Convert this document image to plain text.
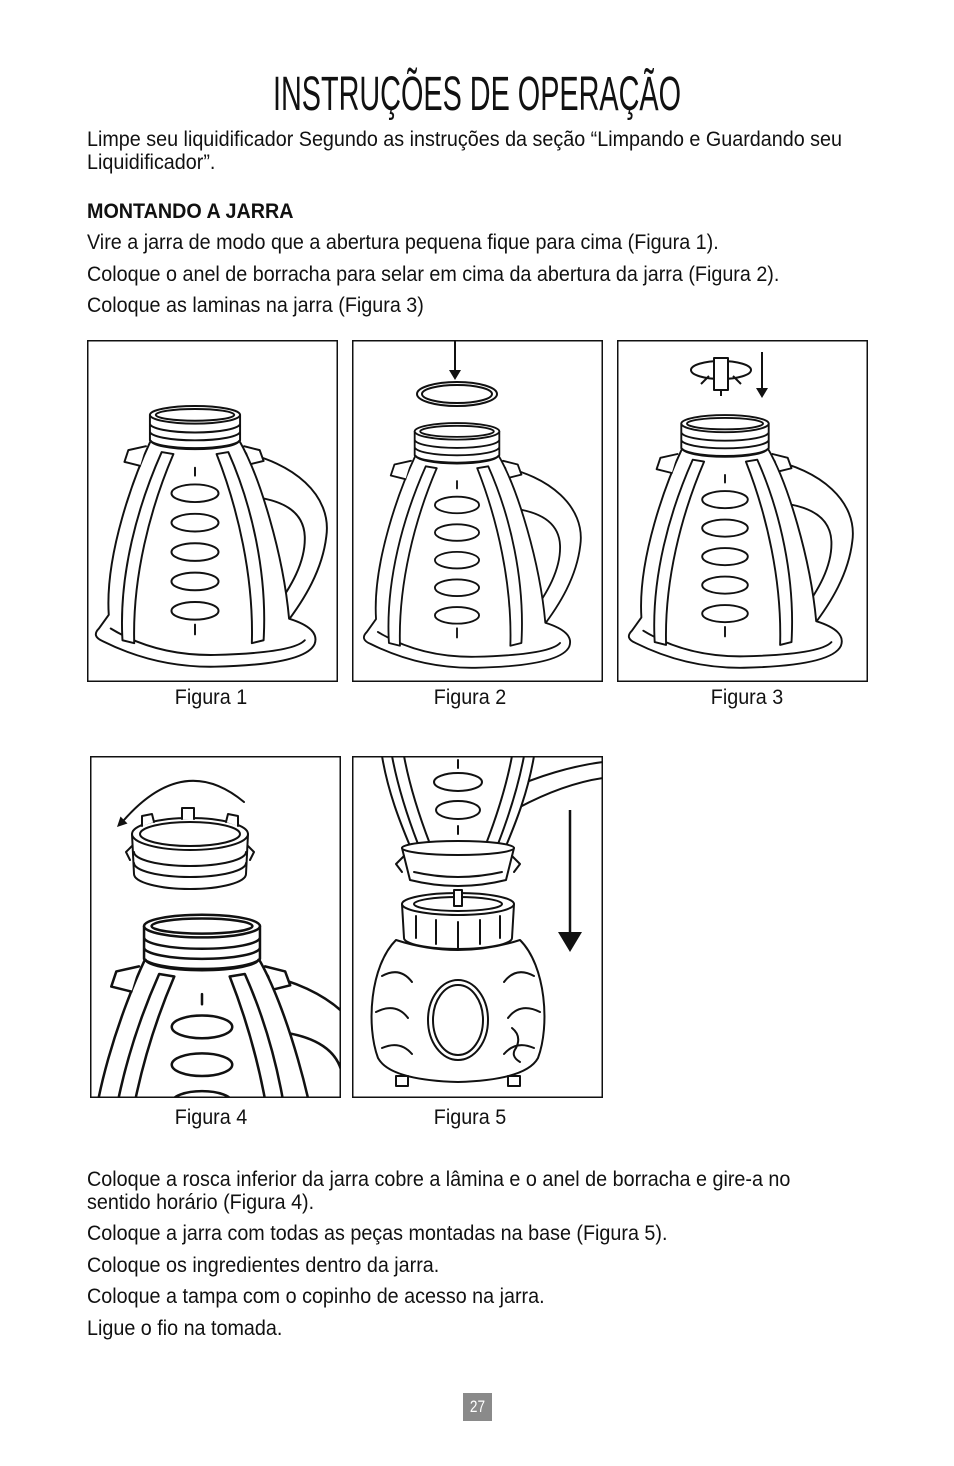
INSTRUÇÕES DE OPERAÇÃO
Limpe seu liquidificador Segundo as instruções da seção “Limpando e Guardando seu
Liquidificador”.
MONTANDO A JARRA
Vire a jarra de modo que a abertura pequena fique para cima (Figura 1).
Coloque o anel de borracha para selar em cima da abertura da jarra (Figura 2).
Coloque as laminas na jarra (Figura 3)
Figura 1	Figura 2	Figura 3
Figura 4	Figura 5
Coloque a rosca inferior da jarra cobre a lâmina e o anel de borracha e gire-a no
sentido horário (Figura 4).
Coloque a jarra com todas as peças montadas na base (Figura 5).
Coloque os ingredientes dentro da jarra.
Coloque a tampa com o copinho de acesso na jarra.
Ligue o fio na tomada.
27
